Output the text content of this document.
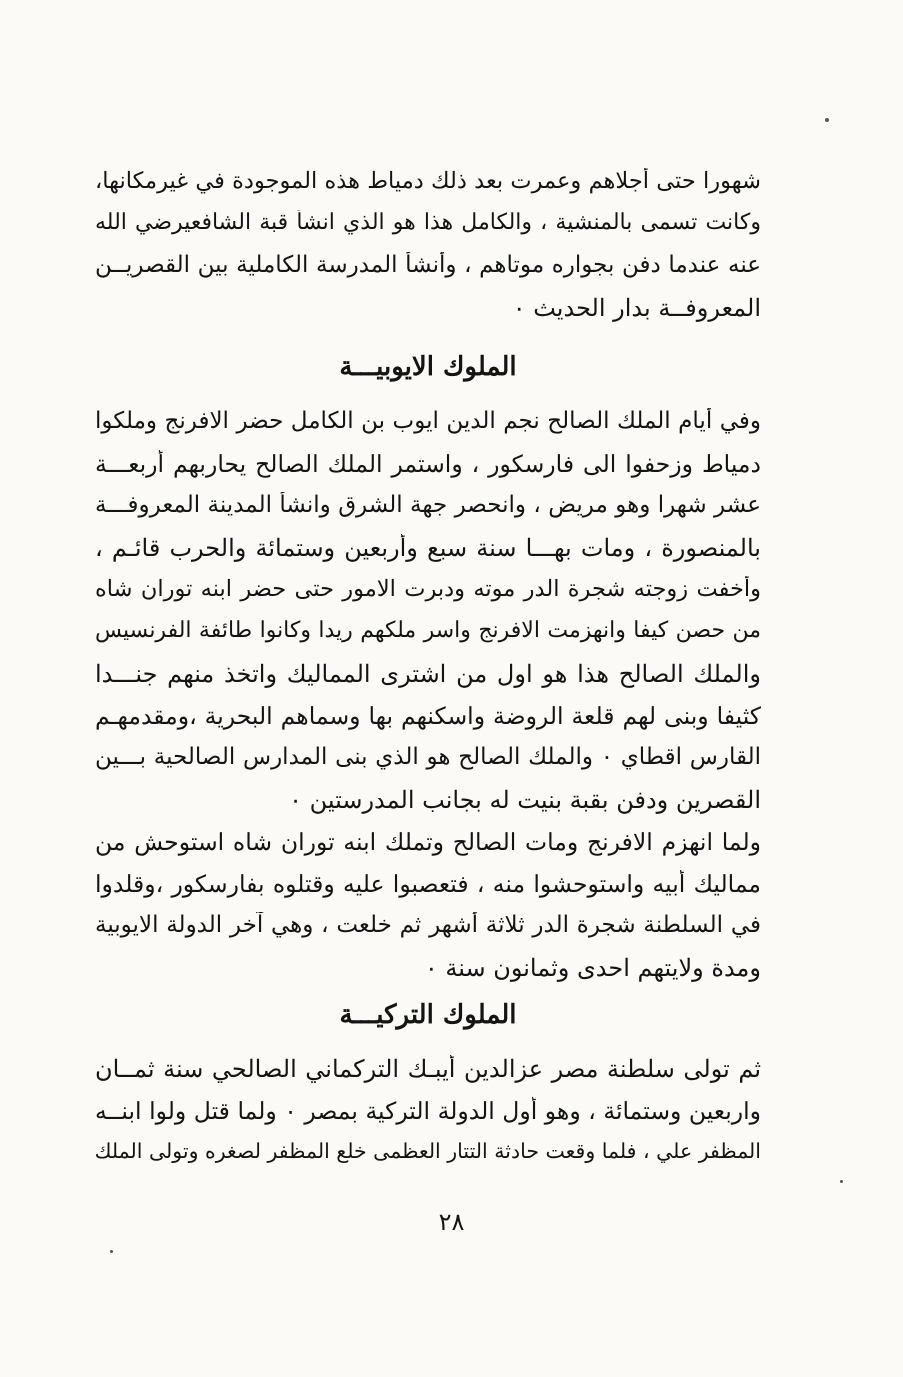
شهورا حتى أجلاهم وعمرت بعد ذلك دمياط هذه الموجودة في غيرمكانها،
وكانت تسمى بالمنشية ، والكامل هذا هو الذي انشأ قبة الشافعيرضي الله
عنه عندما دفن بجواره موتاهم ، وأنشأ المدرسة الكاملية بين القصريــن
المعروفــة بدار الحديث ٠
الملوك الايوبيـــة
وفي أيام الملك الصالح نجم الدين ايوب بن الكامل حضر الافرنج وملكوا
دمياط وزحفوا الى فارسكور ، واستمر الملك الصالح يحاربهم أربعـــة
عشر شهرا وهو مريض ، وانحصر جهة الشرق وانشأ المدينة المعروفـــة
بالمنصورة ، ومات بهـــا سنة سبع وأربعين وستمائة والحرب قائـم ،
وأخفت زوجته شجرة الدر موته ودبرت الامور حتى حضر ابنه توران شاه
من حصن كيفا وانهزمت الافرنج واسر ملكهم ريدا وكانوا طائفة الفرنسيس
والملك الصالح هذا هو اول من اشترى المماليك واتخذ منهم جنـــدا
كثيفا وبنى لهم قلعة الروضة واسكنهم بها وسماهم البحرية ،ومقدمهـم
القارس اقطاي ٠ والملك الصالح هو الذي بنى المدارس الصالحية بـــين
القصرين ودفن بقبة بنيت له بجانب المدرستين ٠
ولما انهزم الافرنج ومات الصالح وتملك ابنه توران شاه استوحش من
مماليك أبيه واستوحشوا منه ، فتعصبوا عليه وقتلوه بفارسكور ،وقلدوا
في السلطنة شجرة الدر ثلاثة أشهر ثم خلعت ، وهي آخر الدولة الايوبية
ومدة ولايتهم احدى وثمانون سنة ٠
الملوك التركيـــة
ثم تولى سلطنة مصر عزالدين أيبـك التركماني الصالحي سنة ثمــان
واربعين وستمائة ، وهو أول الدولة التركية بمصر ٠ ولما قتل ولوا ابنــه
المظفر علي ، فلما وقعت حادثة التتار العظمى خلع المظفر لصغره وتولى الملك
٢٨
